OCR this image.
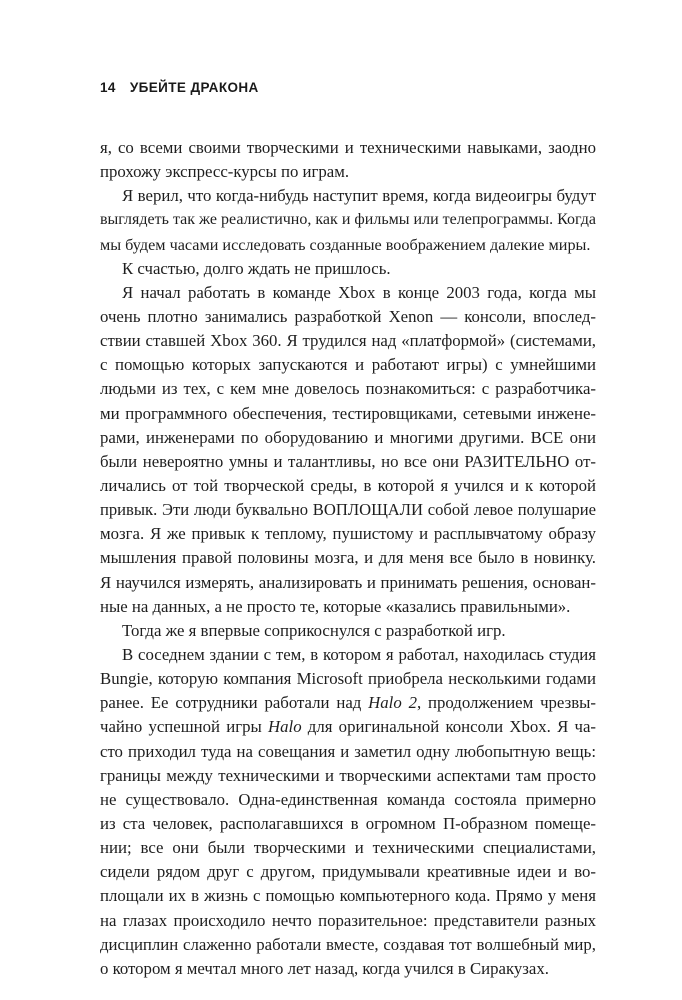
14 УБЕЙТЕ ДРАКОНА
я, со всеми своими творческими и техническими навыками, заодно
прохожу экспресс-курсы по играм.
Я верил, что когда-нибудь наступит время, когда видеоигры будут
выглядеть так же реалистично, как и фильмы или телепрограммы. Когда
мы будем часами исследовать созданные воображением далекие миры.
К счастью, долго ждать не пришлось.
Я начал работать в команде Xbox в конце 2003 года, когда мы
очень плотно занимались разработкой Xenon — консоли, впослед-
ствии ставшей Xbox 360. Я трудился над «платформой» (системами,
с помощью которых запускаются и работают игры) с умнейшими
людьми из тех, с кем мне довелось познакомиться: с разработчика-
ми программного обеспечения, тестировщиками, сетевыми инжене-
рами, инженерами по оборудованию и многими другими. ВСЕ они
были невероятно умны и талантливы, но все они РАЗИТЕЛЬНО от-
личались от той творческой среды, в которой я учился и к которой
привык. Эти люди буквально ВОПЛОЩАЛИ собой левое полушарие
мозга. Я же привык к теплому, пушистому и расплывчатому образу
мышления правой половины мозга, и для меня все было в новинку.
Я научился измерять, анализировать и принимать решения, основан-
ные на данных, а не просто те, которые «казались правильными».
Тогда же я впервые соприкоснулся с разработкой игр.
В соседнем здании с тем, в котором я работал, находилась студия
Bungie, которую компания Microsoft приобрела несколькими годами
ранее. Ее сотрудники работали над Halo 2, продолжением чрезвы-
чайно успешной игры Halo для оригинальной консоли Xbox. Я ча-
сто приходил туда на совещания и заметил одну любопытную вещь:
границы между техническими и творческими аспектами там просто
не существовало. Одна-единственная команда состояла примерно
из ста человек, располагавшихся в огромном П-образном помеще-
нии; все они были творческими и техническими специалистами,
сидели рядом друг с другом, придумывали креативные идеи и во-
площали их в жизнь с помощью компьютерного кода. Прямо у меня
на глазах происходило нечто поразительное: представители разных
дисциплин слаженно работали вместе, создавая тот волшебный мир,
о котором я мечтал много лет назад, когда учился в Сиракузах.
